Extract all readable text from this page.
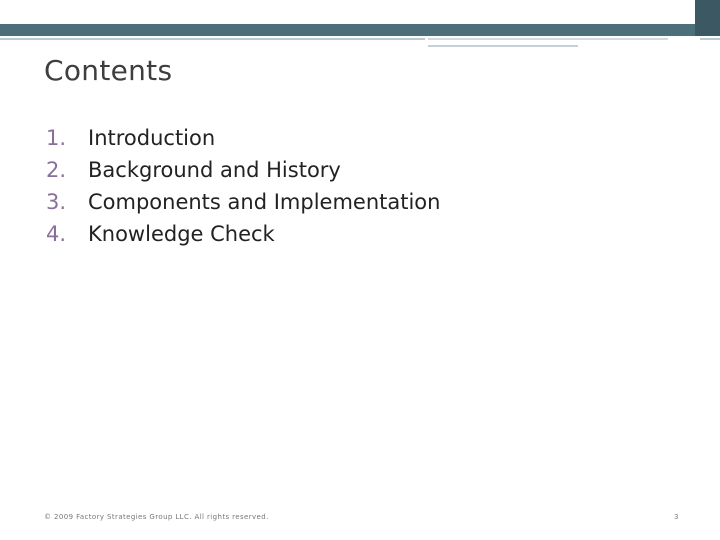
Contents
1.	Introduction
2.	Background and History
3.	Components and Implementation
4.	Knowledge Check
© 2009 Factory Strategies Group LLC. All rights reserved.	3
